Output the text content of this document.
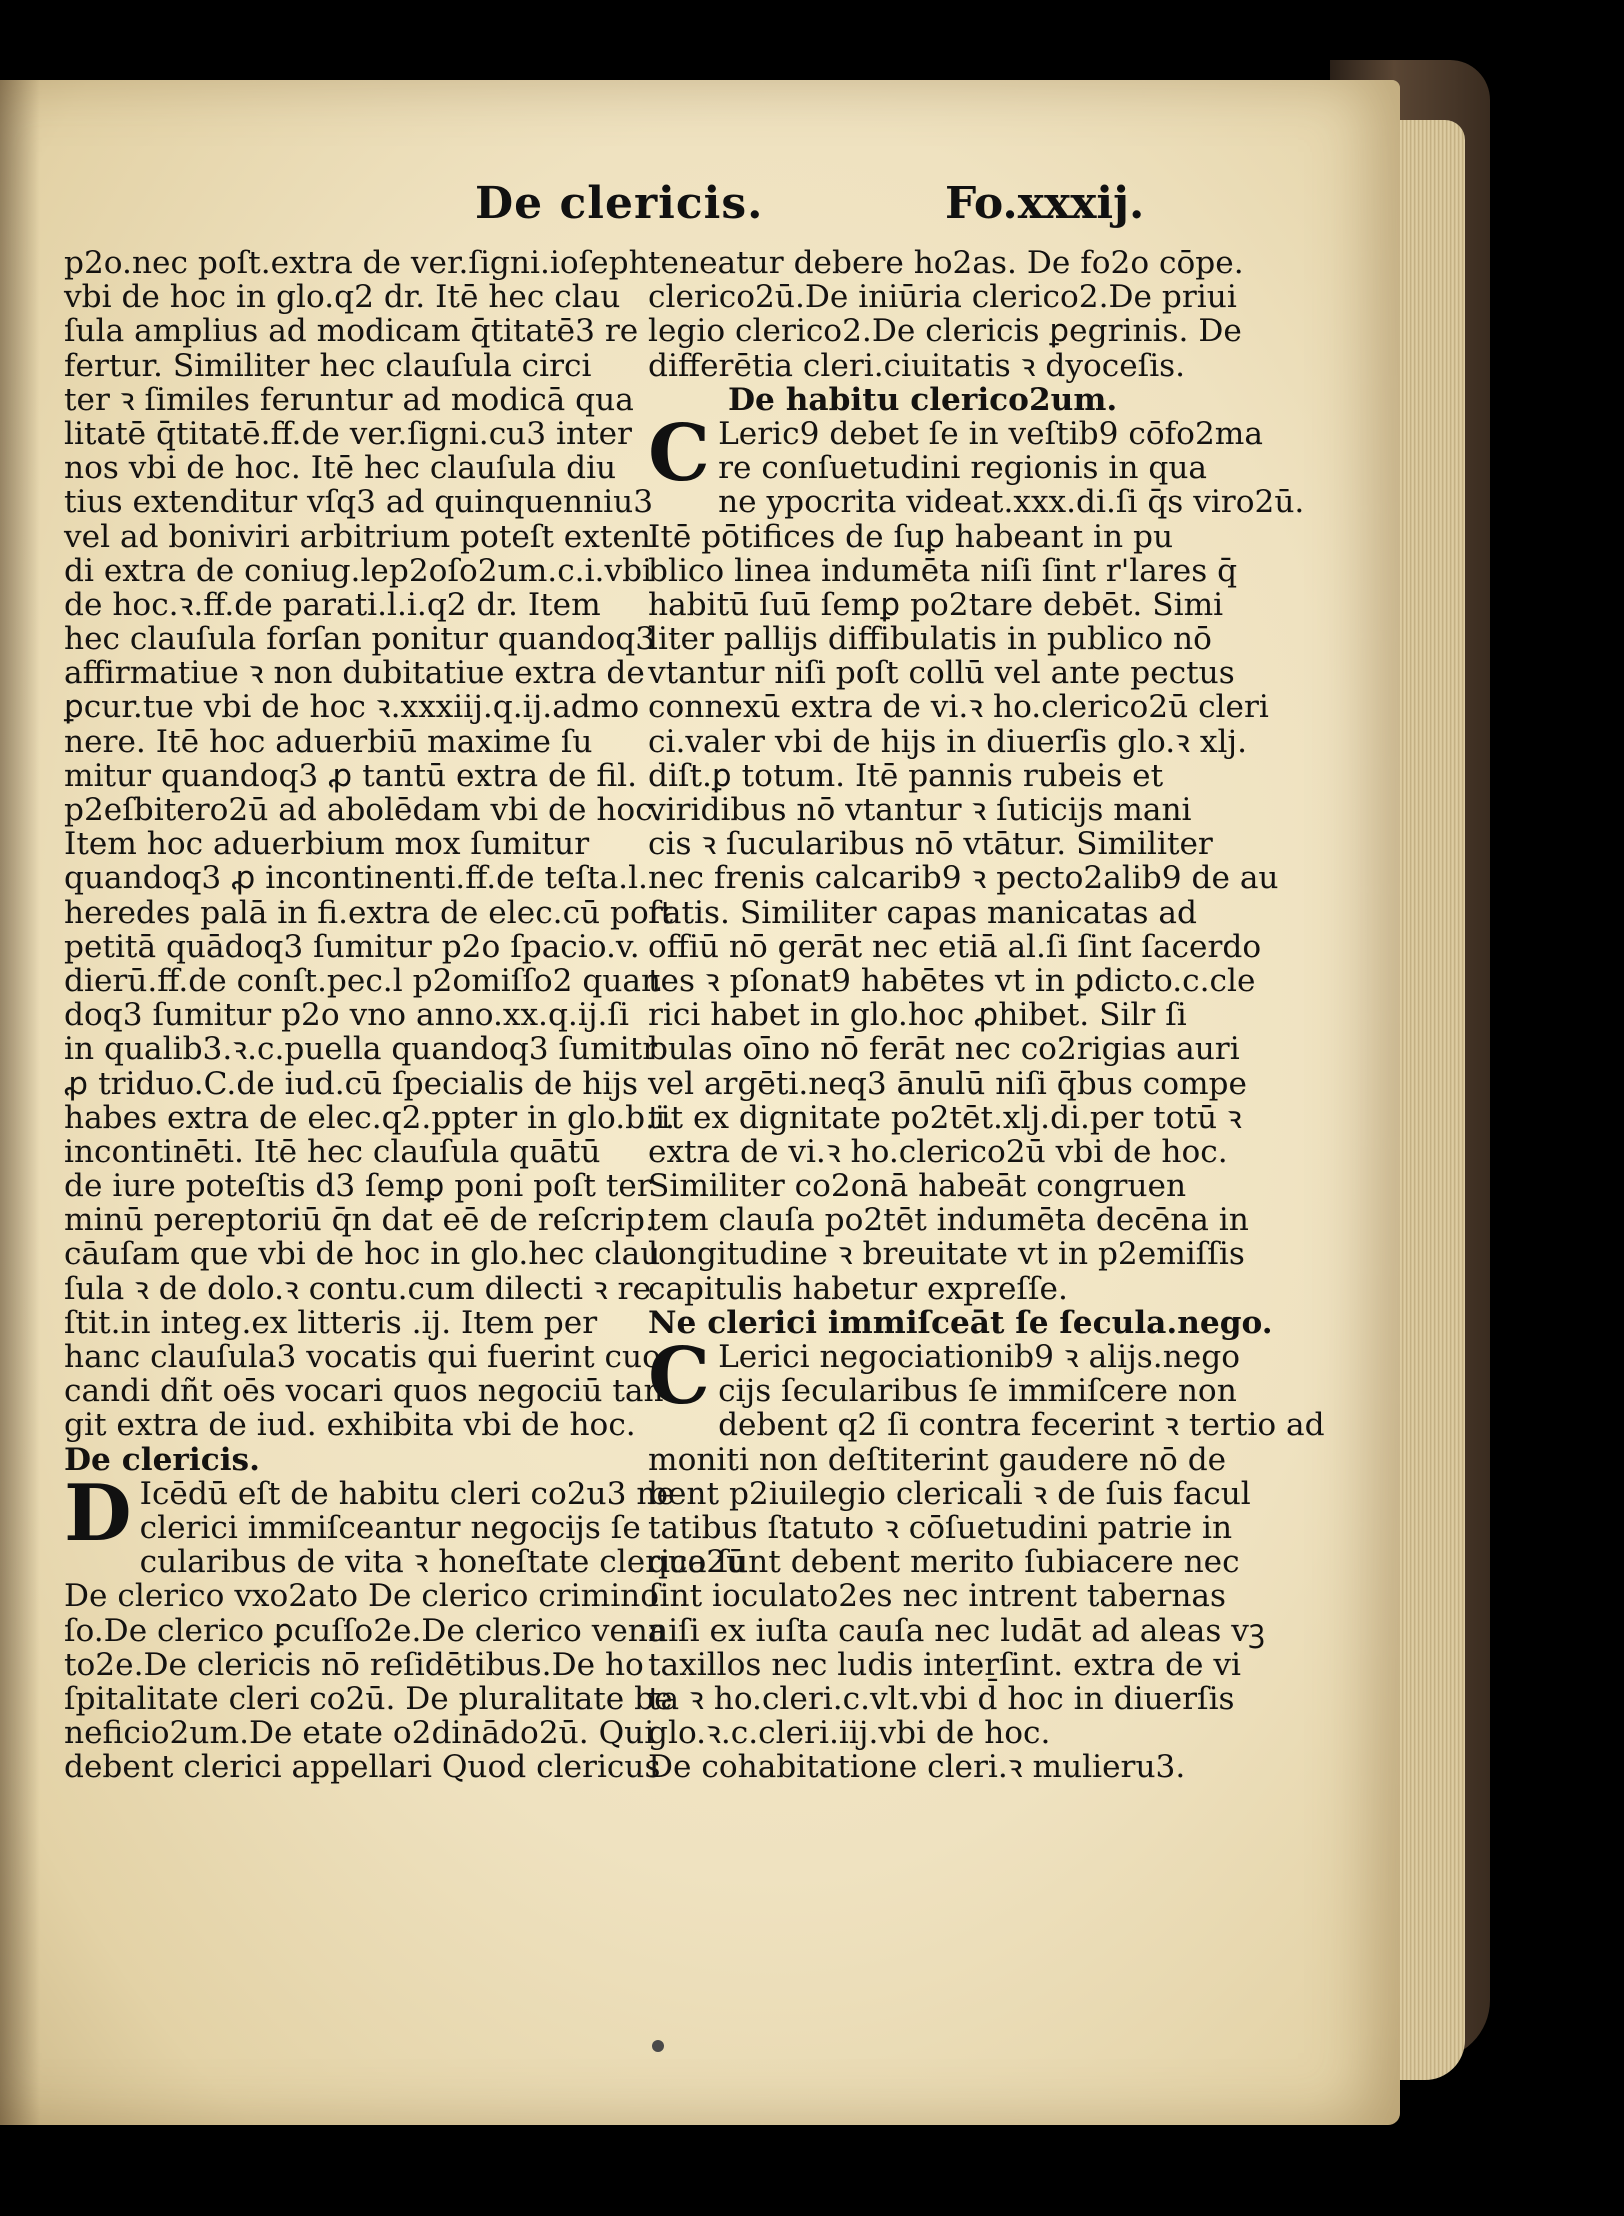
De clericis.	Fo.xxxij.
p2o.nec poſt.extra de ver.ſigni.ioſeph
vbi de hoc in glo.q2 dr. Itē hec clau
ſula amplius ad modicam q̄titatē3 re
fertur. Similiter hec clauſula circi
ter ꝛ ſimiles feruntur ad modicā qua
litatē q̄titatē.ff.de ver.ſigni.cu3 inter
nos vbi de hoc. Itē hec clauſula diu
tius extenditur vſq3 ad quinquenniu3
vel ad boniviri arbitrium poteſt exten
di extra de coniug.lep2oſo2um.c.i.vbi
de hoc.ꝛ.ff.de parati.l.i.q2 dr. Item
hec clauſula forſan ponitur quandoq3
affirmatiue ꝛ non dubitatiue extra de
ꝑcur.tue vbi de hoc ꝛ.xxxiij.q.ij.admo
nere. Itē hoc aduerbiū maxime ſu
mitur quandoq3 ꝓ tantū extra de fil.
p2eſbitero2ū ad abolēdam vbi de hoc.
Item hoc aduerbium mox ſumitur
quandoq3 ꝓ incontinenti.ff.de teſta.l.
heredes palā in fi.extra de elec.cū poſt
petitā quādoq3 ſumitur p2o ſpacio.v.
dierū.ff.de conſt.pec.l p2omiſſo2 quan
doq3 ſumitur p2o vno anno.xx.q.ij.ſi
in qualib3.ꝛ.c.puella quandoq3 ſumitr
ꝓ triduo.C.de iud.cū ſpecialis de hijs
habes extra de elec.q2.ppter in glo.b.i.
incontinēti. Itē hec clauſula quātū
de iure poteſtis d3 ſemꝑ poni poſt ter
minū pereptoriū q̄n dat eē de reſcrip.
cāuſam que vbi de hoc in glo.hec clau
ſula ꝛ de dolo.ꝛ contu.cum dilecti ꝛ re
ſtit.in integ.ex litteris .ij. Item per
hanc clauſula3 vocatis qui fuerint cuo
candi dñt oēs vocari quos negociū tan
git extra de iud. exhibita vbi de hoc.
De clericis.
D Icēdū eſt de habitu cleri co2u3 ne
clerici immiſceantur negocijs ſe
cularibus de vita ꝛ honeſtate clerico2ū
De clerico vxo2ato De clerico crimino
ſo.De clerico ꝑcuſſo2e.De clerico vena
to2e.De clericis nō reſidētibus.De ho
ſpitalitate cleri co2ū. De pluralitate be
neficio2um.De etate o2dinādo2ū. Qui
debent clerici appellari Quod clericus
teneatur debere ho2as. De fo2o cōpe.
clerico2ū.De iniūria clerico2.De priui
legio clerico2.De clericis ꝑegrinis. De
differētia cleri.ciuitatis ꝛ dyoceſis.
De habitu clerico2um.
C Leric9 debet ſe in veſtib9 cōfo2ma
re conſuetudini regionis in qua
ne ypocrita videat.xxx.di.ſi q̄s viro2ū.
Itē pōtifices de ſuꝑ habeant in pu
blico linea indumēta niſi ſint r'lares q̄
habitū ſuū ſemꝑ po2tare debēt. Simi
liter pallijs diffibulatis in publico nō
vtantur niſi poſt collū vel ante pectus
connexū extra de vi.ꝛ ho.clerico2ū cleri
ci.valer vbi de hijs in diuerſis glo.ꝛ xlj.
diſt.ꝑ totum. Itē pannis rubeis et
viridibus nō vtantur ꝛ ſuticijs mani
cis ꝛ ſucularibus nō vtātur. Similiter
nec frenis calcarib9 ꝛ pecto2alib9 de au
ratis. Similiter capas manicatas ad
offiū nō gerāt nec etiā al.ſi ſint ſacerdo
tes ꝛ pſonat9 habētes vt in ꝑdicto.c.cle
rici habet in glo.hoc ꝓhibet. Silr ſi
bulas oīno nō ferāt nec co2rigias auri
vel argēti.neq3 ānulū niſi q̄bus compe
tit ex dignitate po2tēt.xlj.di.per totū ꝛ
extra de vi.ꝛ ho.clerico2ū vbi de hoc.
Similiter co2onā habeāt congruen
tem clauſa po2tēt indumēta decēna in
longitudine ꝛ breuitate vt in p2emiſſis
capitulis habetur expreſſe.
Ne clerici immiſceāt ſe ſecula.nego.
C Lerici negociationib9 ꝛ alijs.nego
cijs ſecularibus ſe immiſcere non
debent q2 ſi contra fecerint ꝛ tertio ad
moniti non deſtiterint gaudere nō de
bent p2iuilegio clericali ꝛ de ſuis facul
tatibus ſtatuto ꝛ cōſuetudini patrie in
qua ſunt debent merito ſubiacere nec
ſint ioculato2es nec intrent tabernas
niſi ex iuſta cauſa nec ludāt ad aleas vꝫ
taxillos nec ludis interſint. extra de vi
ta ꝛ ho.cleri.c.vlt.vbi d̄ hoc in diuerſis
glo.ꝛ.c.cleri.iij.vbi de hoc.
De cohabitatione cleri.ꝛ mulieru3.
